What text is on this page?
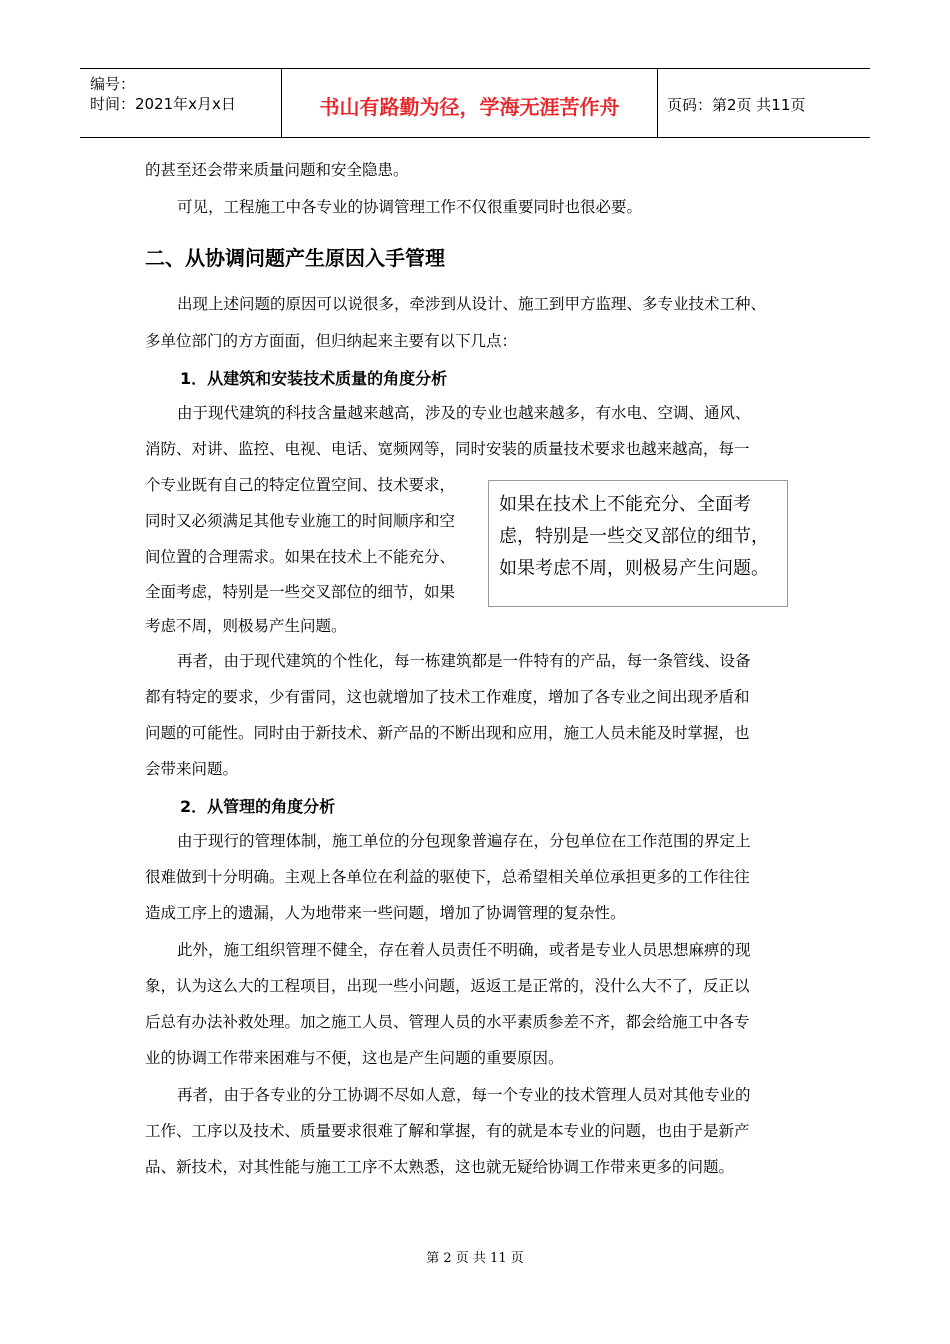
编号：
时间：2021年x月x日	书山有路勤为径，学海无涯苦作舟	页码：第2页 共11页
的甚至还会带来质量问题和安全隐患。
可见，工程施工中各专业的协调管理工作不仅很重要同时也很必要。
二、从协调问题产生原因入手管理
出现上述问题的原因可以说很多，牵涉到从设计、施工到甲方监理、多专业技术工种、
多单位部门的方方面面，但归纳起来主要有以下几点：
1．从建筑和安装技术质量的角度分析
由于现代建筑的科技含量越来越高，涉及的专业也越来越多，有水电、空调、通风、
消防、对讲、监控、电视、电话、宽频网等，同时安装的质量技术要求也越来越高，每一
个专业既有自己的特定位置空间、技术要求，
同时又必须满足其他专业施工的时间顺序和空
间位置的合理需求。如果在技术上不能充分、
全面考虑，特别是一些交叉部位的细节，如果
考虑不周，则极易产生问题。
如果在技术上不能充分、全面考
虑，特别是一些交叉部位的细节，
如果考虑不周，则极易产生问题。
再者，由于现代建筑的个性化，每一栋建筑都是一件特有的产品，每一条管线、设备
都有特定的要求，少有雷同，这也就增加了技术工作难度，增加了各专业之间出现矛盾和
问题的可能性。同时由于新技术、新产品的不断出现和应用，施工人员未能及时掌握，也
会带来问题。
2．从管理的角度分析
由于现行的管理体制，施工单位的分包现象普遍存在，分包单位在工作范围的界定上
很难做到十分明确。主观上各单位在利益的驱使下，总希望相关单位承担更多的工作往往
造成工序上的遗漏，人为地带来一些问题，增加了协调管理的复杂性。
此外，施工组织管理不健全，存在着人员责任不明确，或者是专业人员思想麻痹的现
象，认为这么大的工程项目，出现一些小问题，返返工是正常的，没什么大不了，反正以
后总有办法补救处理。加之施工人员、管理人员的水平素质参差不齐，都会给施工中各专
业的协调工作带来困难与不便，这也是产生问题的重要原因。
再者，由于各专业的分工协调不尽如人意，每一个专业的技术管理人员对其他专业的
工作、工序以及技术、质量要求很难了解和掌握，有的就是本专业的问题，也由于是新产
品、新技术，对其性能与施工工序不太熟悉，这也就无疑给协调工作带来更多的问题。
第 2 页 共 11 页
